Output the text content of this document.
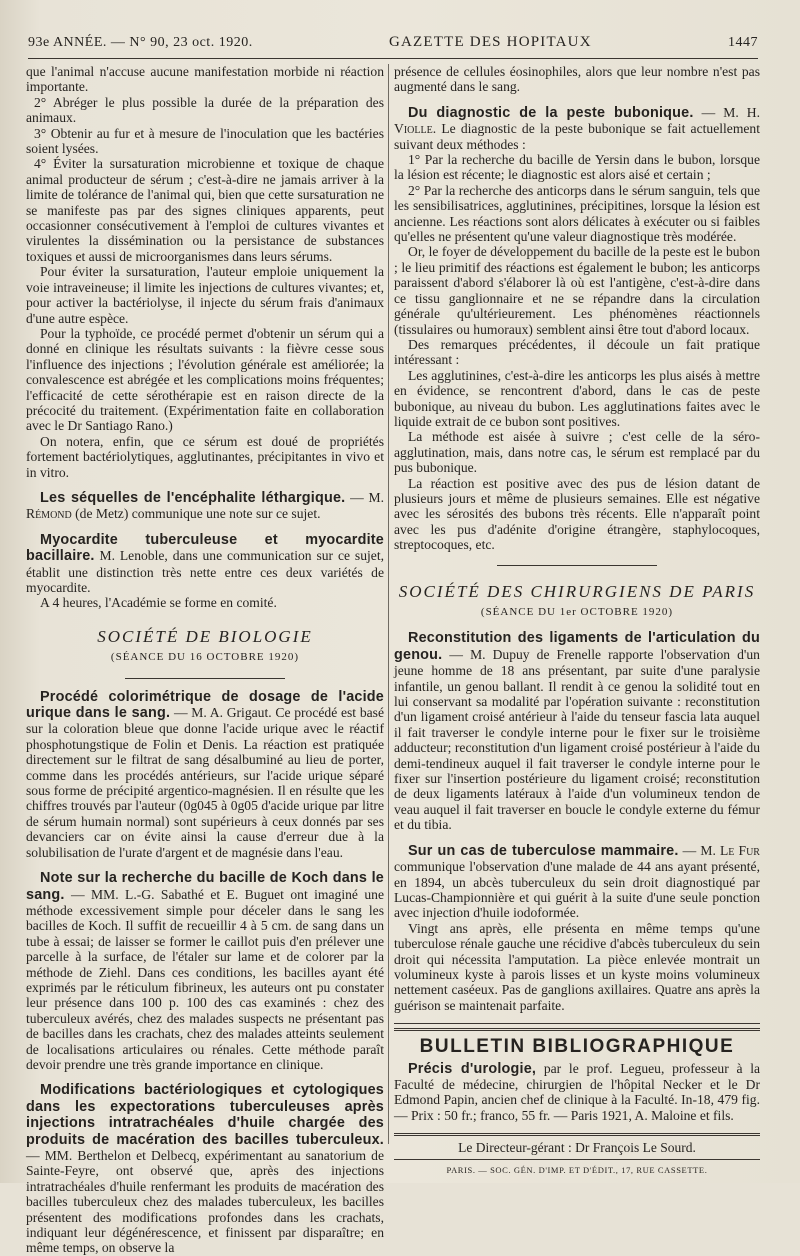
93e ANNÉE. — N° 90, 23 oct. 1920.	GAZETTE DES HOPITAUX	1447

que l'animal n'accuse aucune manifestation morbide ni réaction importante.

2° Abréger le plus possible la durée de la préparation des animaux.

3° Obtenir au fur et à mesure de l'inoculation que les bactéries soient lysées.

4° Éviter la sursaturation microbienne et toxique de chaque animal producteur de sérum ; c'est-à-dire ne jamais arriver à la limite de tolérance de l'animal qui, bien que cette sursaturation ne se manifeste pas par des signes cliniques apparents, peut occasionner consécutivement à l'emploi de cultures vivantes et virulentes la dissémination ou la persistance de substances toxiques et aussi de microorganismes dans leurs sérums.

Pour éviter la sursaturation, l'auteur emploie uniquement la voie intraveineuse; il limite les injections de cultures vivantes; et, pour activer la bactériolyse, il injecte du sérum frais d'animaux d'une autre espèce.

Pour la typhoïde, ce procédé permet d'obtenir un sérum qui a donné en clinique les résultats suivants : la fièvre cesse sous l'influence des injections ; l'évolution générale est améliorée; la convalescence est abrégée et les complications moins fréquentes; l'efficacité de cette sérothérapie est en raison directe de la précocité du traitement. (Expérimentation faite en collaboration avec le Dr Santiago Rano.)

On notera, enfin, que ce sérum est doué de propriétés fortement bactériolytiques, agglutinantes, précipitantes in vivo et in vitro.

Les séquelles de l'encéphalite léthargique. — M. Rémond (de Metz) communique une note sur ce sujet.

Myocardite tuberculeuse et myocardite bacillaire. M. Lenoble, dans une communication sur ce sujet, établit une distinction très nette entre ces deux variétés de myocardite.

A 4 heures, l'Académie se forme en comité.

SOCIÉTÉ DE BIOLOGIE
(SÉANCE DU 16 OCTOBRE 1920)

Procédé colorimétrique de dosage de l'acide urique dans le sang. — M. A. Grigaut. Ce procédé est basé sur la coloration bleue que donne l'acide urique avec le réactif phosphotungstique de Folin et Denis. La réaction est pratiquée directement sur le filtrat de sang désalbuminé au lieu de porter, comme dans les procédés antérieurs, sur l'acide urique séparé sous forme de précipité argentico-magnésien. Il en résulte que les chiffres trouvés par l'auteur (0g045 à 0g05 d'acide urique par litre de sérum humain normal) sont supérieurs à ceux donnés par ses devanciers car on évite ainsi la cause d'erreur due à la solubilisation de l'urate d'argent et de magnésie dans l'eau.

Note sur la recherche du bacille de Koch dans le sang. — MM. L.-G. Sabathé et E. Buguet ont imaginé une méthode excessivement simple pour déceler dans le sang les bacilles de Koch. Il suffit de recueillir 4 à 5 cm. de sang dans un tube à essai; de laisser se former le caillot puis d'en prélever une parcelle à la surface, de l'étaler sur lame et de colorer par la méthode de Ziehl. Dans ces conditions, les bacilles ayant été exprimés par le réticulum fibrineux, les auteurs ont pu constater leur présence dans 100 p. 100 des cas examinés : chez des tuberculeux avérés, chez des malades suspects ne présentant pas de bacilles dans les crachats, chez des malades atteints seulement de localisations articulaires ou rénales. Cette méthode paraît devoir prendre une très grande importance en clinique.

Modifications bactériologiques et cytologiques dans les expectorations tuberculeuses après injections intratrachéales d'huile chargée des produits de macération des bacilles tuberculeux. — MM. Berthelon et Delbecq, expérimentant au sanatorium de Sainte-Feyre, ont observé que, après des injections intratrachéales d'huile renfermant les produits de macération des bacilles tuberculeux chez des malades tuberculeux, les bacilles présentent des modifications profondes dans les crachats, indiquant leur dégénérescence, et finissent par disparaître; en même temps, on observe la

présence de cellules éosinophiles, alors que leur nombre n'est pas augmenté dans le sang.

Du diagnostic de la peste bubonique. — M. H. Violle. Le diagnostic de la peste bubonique se fait actuellement suivant deux méthodes :

1° Par la recherche du bacille de Yersin dans le bubon, lorsque la lésion est récente; le diagnostic est alors aisé et certain ;

2° Par la recherche des anticorps dans le sérum sanguin, tels que les sensibilisatrices, agglutinines, précipitines, lorsque la lésion est ancienne. Les réactions sont alors délicates à exécuter ou si faibles qu'elles ne présentent qu'une valeur diagnostique très modérée.

Or, le foyer de développement du bacille de la peste est le bubon ; le lieu primitif des réactions est également le bubon; les anticorps paraissent d'abord s'élaborer là où est l'antigène, c'est-à-dire dans ce tissu ganglionnaire et ne se répandre dans la circulation générale qu'ultérieurement. Les phénomènes réactionnels (tissulaires ou humoraux) semblent ainsi être tout d'abord locaux.

Des remarques précédentes, il découle un fait pratique intéressant :

Les agglutinines, c'est-à-dire les anticorps les plus aisés à mettre en évidence, se rencontrent d'abord, dans le cas de peste bubonique, au niveau du bubon. Les agglutinations faites avec le liquide extrait de ce bubon sont positives.

La méthode est aisée à suivre ; c'est celle de la séro-agglutination, mais, dans notre cas, le sérum est remplacé par du pus bubonique.

La réaction est positive avec des pus de lésion datant de plusieurs jours et même de plusieurs semaines. Elle est négative avec les sérosités des bubons très récents. Elle n'apparaît point avec les pus d'adénite d'origine étrangère, staphylocoques, streptocoques, etc.

SOCIÉTÉ DES CHIRURGIENS DE PARIS
(SÉANCE DU 1er OCTOBRE 1920)

Reconstitution des ligaments de l'articulation du genou. — M. Dupuy de Frenelle rapporte l'observation d'un jeune homme de 18 ans présentant, par suite d'une paralysie infantile, un genou ballant. Il rendit à ce genou la solidité tout en lui conservant sa modalité par l'opération suivante : reconstitution d'un ligament croisé antérieur à l'aide du tenseur fascia lata auquel il fait traverser le condyle interne pour le fixer sur le troisième adducteur; reconstitution d'un ligament croisé postérieur à l'aide du demi-tendineux auquel il fait traverser le condyle interne pour le fixer sur l'insertion postérieure du ligament croisé; reconstitution de deux ligaments latéraux à l'aide d'un volumineux tendon de veau auquel il fait traverser en boucle le condyle externe du fémur et du tibia.

Sur un cas de tuberculose mammaire. — M. Le Fur communique l'observation d'une malade de 44 ans ayant présenté, en 1894, un abcès tuberculeux du sein droit diagnostiqué par Lucas-Championnière et qui guérit à la suite d'une seule ponction avec injection d'huile iodoformée.

Vingt ans après, elle présenta en même temps qu'une tuberculose rénale gauche une récidive d'abcès tuberculeux du sein droit qui nécessita l'amputation. La pièce enlevée montrait un volumineux kyste à parois lisses et un kyste moins volumineux nettement caséeux. Pas de ganglions axillaires. Quatre ans après la guérison se maintenait parfaite.

BULLETIN BIBLIOGRAPHIQUE

Précis d'urologie, par le prof. Legueu, professeur à la Faculté de médecine, chirurgien de l'hôpital Necker et le Dr Edmond Papin, ancien chef de clinique à la Faculté. In-18, 479 fig. — Prix : 50 fr.; franco, 55 fr. — Paris 1921, A. Maloine et fils.

Le Directeur-gérant : Dr François Le Sourd.
PARIS. — SOC. GÉN. D'IMP. ET D'ÉDIT., 17, RUE CASSETTE.
